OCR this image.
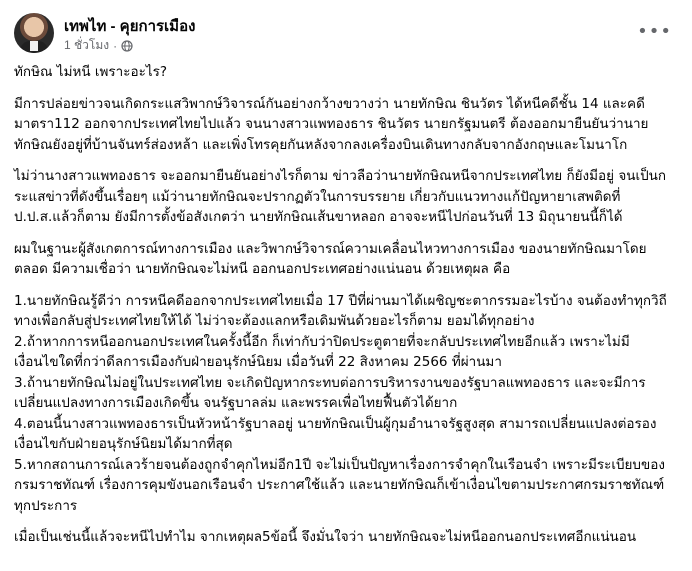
เทพไท - คุยการเมือง
1 ชั่วโมง ·
•••

ทักษิณ ไม่หนี เพราะอะไร?

มีการปล่อยข่าวจนเกิดกระแสวิพากษ์วิจารณ์กันอย่างกว้างขวางว่า นายทักษิณ ชินวัตร ได้หนีคดีชั้น 14 และคดีมาตรา112 ออกจากประเทศไทยไปแล้ว จนนางสาวแพทองธาร ชินวัตร นายกรัฐมนตรี ต้องออกมายืนยันว่านายทักษิณยังอยู่ที่บ้านจันทร์ส่องหล้า และเพิ่งโทรคุยกันหลังจากลงเครื่องบินเดินทางกลับจากอังกฤษและโมนาโก

ไม่ว่านางสาวแพทองธาร จะออกมายืนยันอย่างไรก็ตาม ข่าวลือว่านายทักษิณหนีจากประเทศไทย ก็ยังมีอยู่ จนเป็นกระแสข่าวที่ดังขึ้นเรื่อยๆ แม้ว่านายทักษิณจะปรากฏตัวในการบรรยาย เกี่ยวกับแนวทางแก้ปัญหายาเสพติดที่ ป.ป.ส.แล้วก็ตาม ยังมีการตั้งข้อสังเกตว่า นายทักษิณเส้นขาหลอก อาจจะหนีไปก่อนวันที่ 13 มิถุนายนนี้ก็ได้

ผมในฐานะผู้สังเกตการณ์ทางการเมือง และวิพากษ์วิจารณ์ความเคลื่อนไหวทางการเมือง ของนายทักษิณมาโดยตลอด มีความเชื่อว่า นายทักษิณจะไม่หนี ออกนอกประเทศอย่างแน่นอน ด้วยเหตุผล คือ

1.นายทักษิณรู้ดีว่า การหนีคดีออกจากประเทศไทยเมื่อ 17 ปีที่ผ่านมาได้เผชิญชะตากรรมอะไรบ้าง จนต้องทำทุกวิถีทางเพื่อกลับสู่ประเทศไทยให้ได้ ไม่ว่าจะต้องแลกหรือเดิมพันด้วยอะไรก็ตาม ยอมได้ทุกอย่าง

2.ถ้าหากการหนีออกนอกประเทศในครั้งนี้อีก ก็เท่ากับว่าปิดประตูตายที่จะกลับประเทศไทยอีกแล้ว เพราะไม่มีเงื่อนไขใดที่กว่าดีลการเมืองกับฝ่ายอนุรักษ์นิยม เมื่อวันที่ 22 สิงหาคม 2566 ที่ผ่านมา

3.ถ้านายทักษิณไม่อยู่ในประเทศไทย จะเกิดปัญหากระทบต่อการบริหารงานของรัฐบาลแพทองธาร และจะมีการเปลี่ยนแปลงทางการเมืองเกิดขึ้น จนรัฐบาลล่ม และพรรคเพื่อไทยฟื้นตัวได้ยาก

4.ตอนนี้นางสาวแพทองธารเป็นหัวหน้ารัฐบาลอยู่ นายทักษิณเป็นผู้กุมอำนาจรัฐสูงสุด สามารถเปลี่ยนแปลงต่อรองเงื่อนไขกับฝ่ายอนุรักษ์นิยมได้มากที่สุด

5.หากสถานการณ์เลวร้ายจนต้องถูกจำคุกไหม่อีก1ปี จะไม่เป็นปัญหาเรื่องการจำคุกในเรือนจำ เพราะมีระเบียบของกรมราชทัณฑ์ เรื่องการคุมขังนอกเรือนจำ ประกาศใช้แล้ว และนายทักษิณก็เข้าเงื่อนไขตามประกาศกรมราชทัณฑ์ทุกประการ

เมื่อเป็นเช่นนี้แล้วจะหนีไปทำไม จากเหตุผล5ข้อนี้ จึงมั่นใจว่า นายทักษิณจะไม่หนีออกนอกประเทศอีกแน่นอน
